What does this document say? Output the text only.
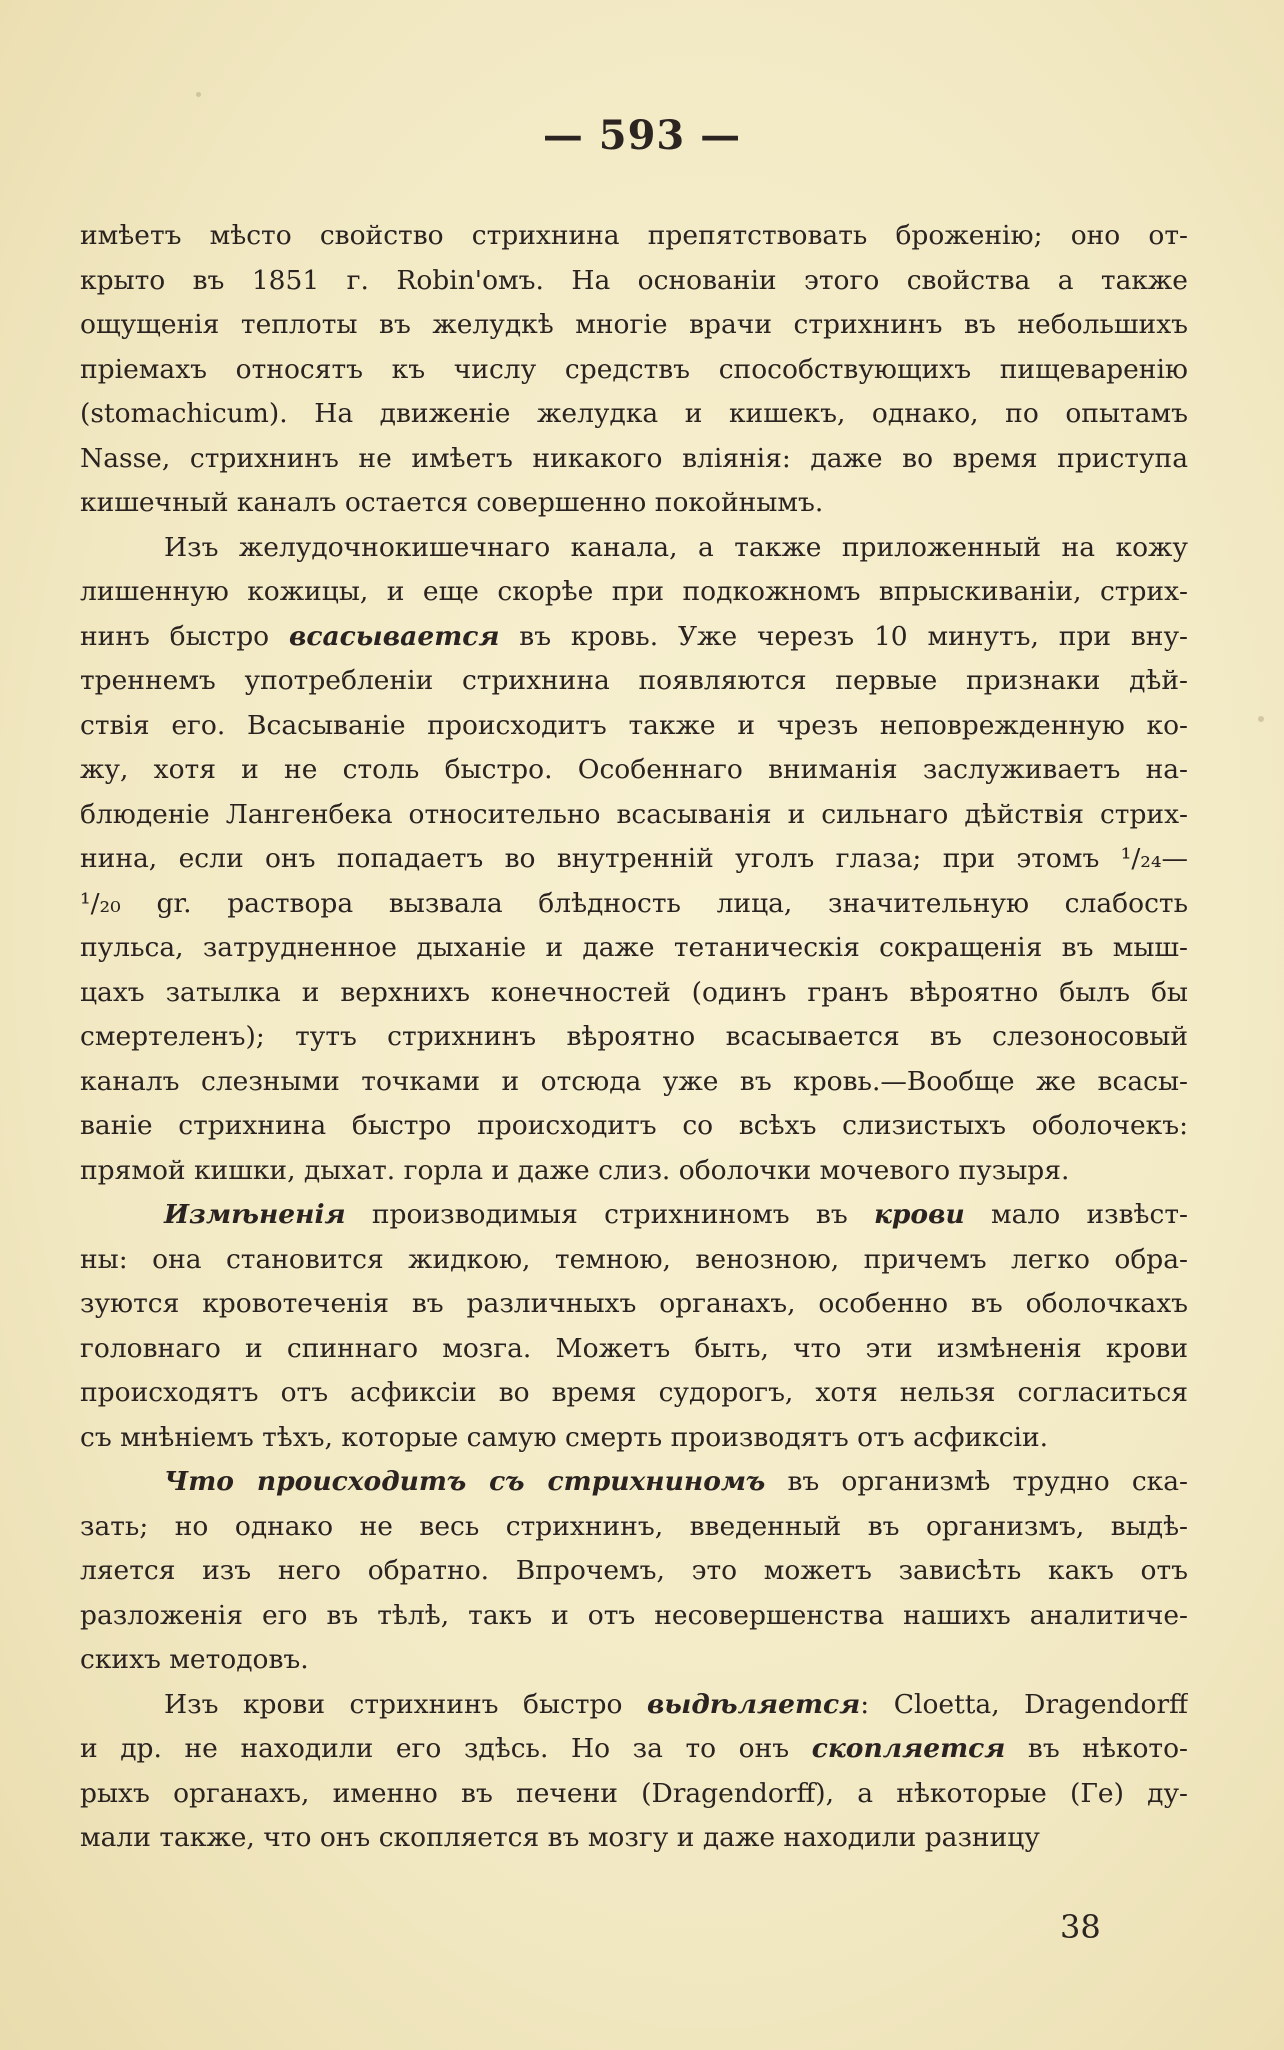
— 593 —
имѣетъ мѣсто свойство стрихнина препятствовать броженію; оно от-
крыто въ 1851 г. Robin'омъ. На основаніи этого свойства а также
ощущенія теплоты въ желудкѣ многіе врачи стрихнинъ въ небольшихъ
пріемахъ относятъ къ числу средствъ способствующихъ пищеваренію
(stomachicum). На движеніе желудка и кишекъ, однако, по опытамъ
Nasse, стрихнинъ не имѣетъ никакого вліянія: даже во время приступа
кишечный каналъ остается совершенно покойнымъ.
Изъ желудочнокишечнаго канала, а также приложенный на кожу
лишенную кожицы, и еще скорѣе при подкожномъ впрыскиваніи, стрих-
нинъ быстро всасывается въ кровь. Уже черезъ 10 минутъ, при вну-
треннемъ употребленіи стрихнина появляются первые признаки дѣй-
ствія его. Всасываніе происходитъ также и чрезъ неповрежденную ко-
жу, хотя и не столь быстро. Особеннаго вниманія заслуживаетъ на-
блюденіе Лангенбека относительно всасыванія и сильнаго дѣйствія стрих-
нина, если онъ попадаетъ во внутренній уголъ глаза; при этомъ ¹/₂₄—
¹/₂₀ gr. раствора вызвала блѣдность лица, значительную слабость
пульса, затрудненное дыханіе и даже тетаническія сокращенія въ мыш-
цахъ затылка и верхнихъ конечностей (одинъ гранъ вѣроятно былъ бы
смертеленъ); тутъ стрихнинъ вѣроятно всасывается въ слезоносовый
каналъ слезными точками и отсюда уже въ кровь.—Вообще же всасы-
ваніе стрихнина быстро происходитъ со всѣхъ слизистыхъ оболочекъ:
прямой кишки, дыхат. горла и даже слиз. оболочки мочевого пузыря.
Измѣненія производимыя стрихниномъ въ крови мало извѣст-
ны: она становится жидкою, темною, венозною, причемъ легко обра-
зуются кровотеченія въ различныхъ органахъ, особенно въ оболочкахъ
головнаго и спиннаго мозга. Можетъ быть, что эти измѣненія крови
происходятъ отъ асфиксіи во время судорогъ, хотя нельзя согласиться
съ мнѣніемъ тѣхъ, которые самую смерть производятъ отъ асфиксіи.
Что происходитъ съ стрихниномъ въ организмѣ трудно ска-
зать; но однако не весь стрихнинъ, введенный въ организмъ, выдѣ-
ляется изъ него обратно. Впрочемъ, это можетъ зависѣть какъ отъ
разложенія его въ тѣлѣ, такъ и отъ несовершенства нашихъ аналитиче-
скихъ методовъ.
Изъ крови стрихнинъ быстро выдѣляется: Cloetta, Dragendorff
и др. не находили его здѣсь. Но за то онъ скопляется въ нѣкото-
рыхъ органахъ, именно въ печени (Dragendorff), а нѣкоторые (Ге) ду-
мали также, что онъ скопляется въ мозгу и даже находили разницу
38
